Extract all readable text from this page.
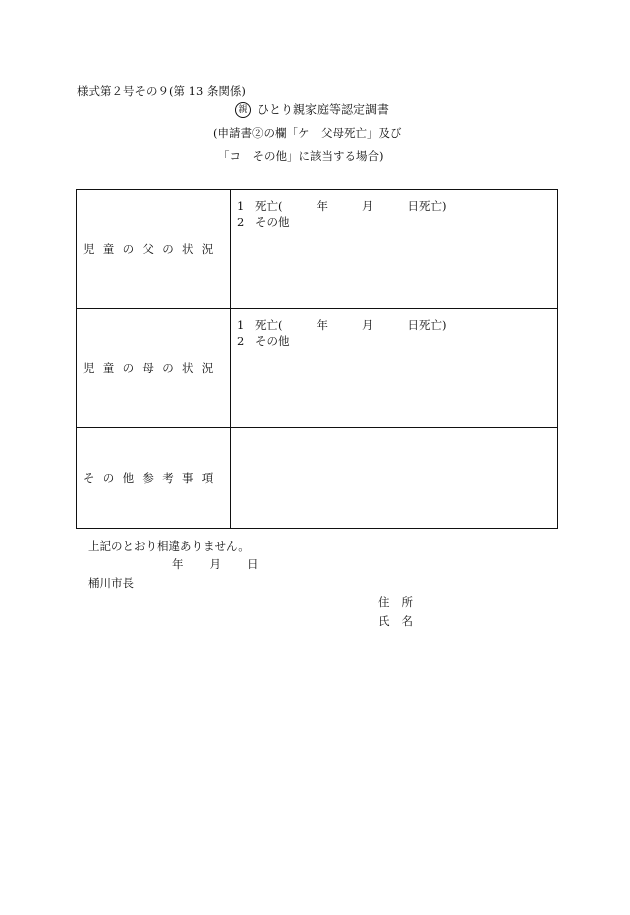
様式第２号その９(第 13 条関係)
親 ひとり親家庭等認定調書
(申請書②の欄「ケ　父母死亡」及び
「コ　その他」に該当する場合)
児童の父の状況	1 死亡( 年 月 日死亡)
2 その他

児童の母の状況	1 死亡( 年 月 日死亡)
2 その他

その他参考事項	

上記のとおり相違ありません。
年 月 日
桶川市長
住 所
氏 名
